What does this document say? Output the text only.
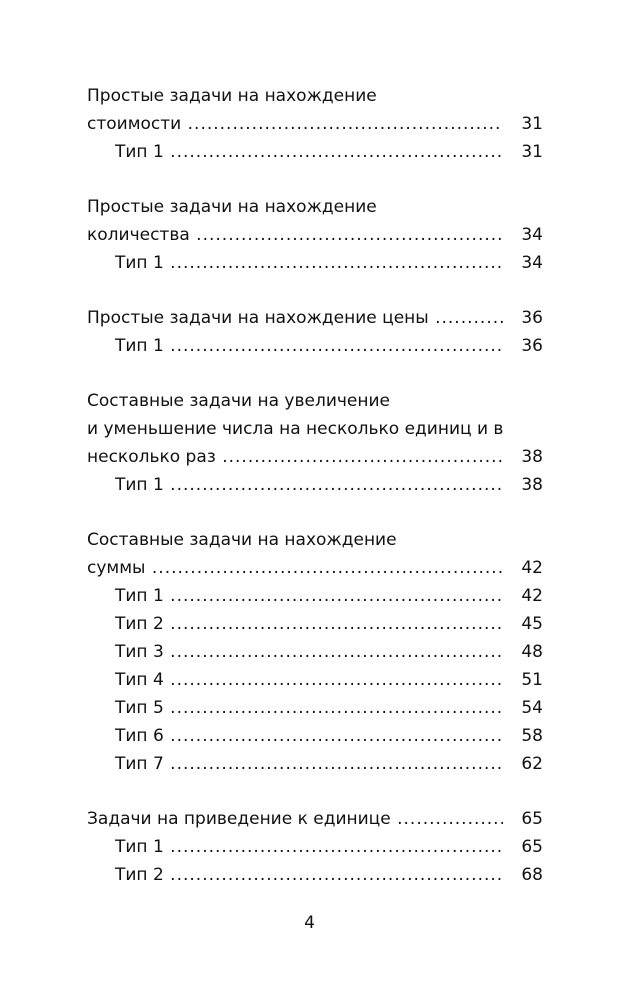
Простые задачи на нахождение
стоимости .....	31
Тип 1 .....	31
Простые задачи на нахождение
количества .....	34
Тип 1 .....	34
Простые задачи на нахождение цены .....	36
Тип 1 .....	36
Составные задачи на увеличение
и уменьшение числа на несколько единиц и в
несколько раз .....	38
Тип 1 .....	38
Составные задачи на нахождение
суммы .....	42
Тип 1 .....	42
Тип 2 .....	45
Тип 3 .....	48
Тип 4 .....	51
Тип 5 .....	54
Тип 6 .....	58
Тип 7 .....	62
Задачи на приведение к единице .....	65
Тип 1 .....	65
Тип 2 .....	68
4
